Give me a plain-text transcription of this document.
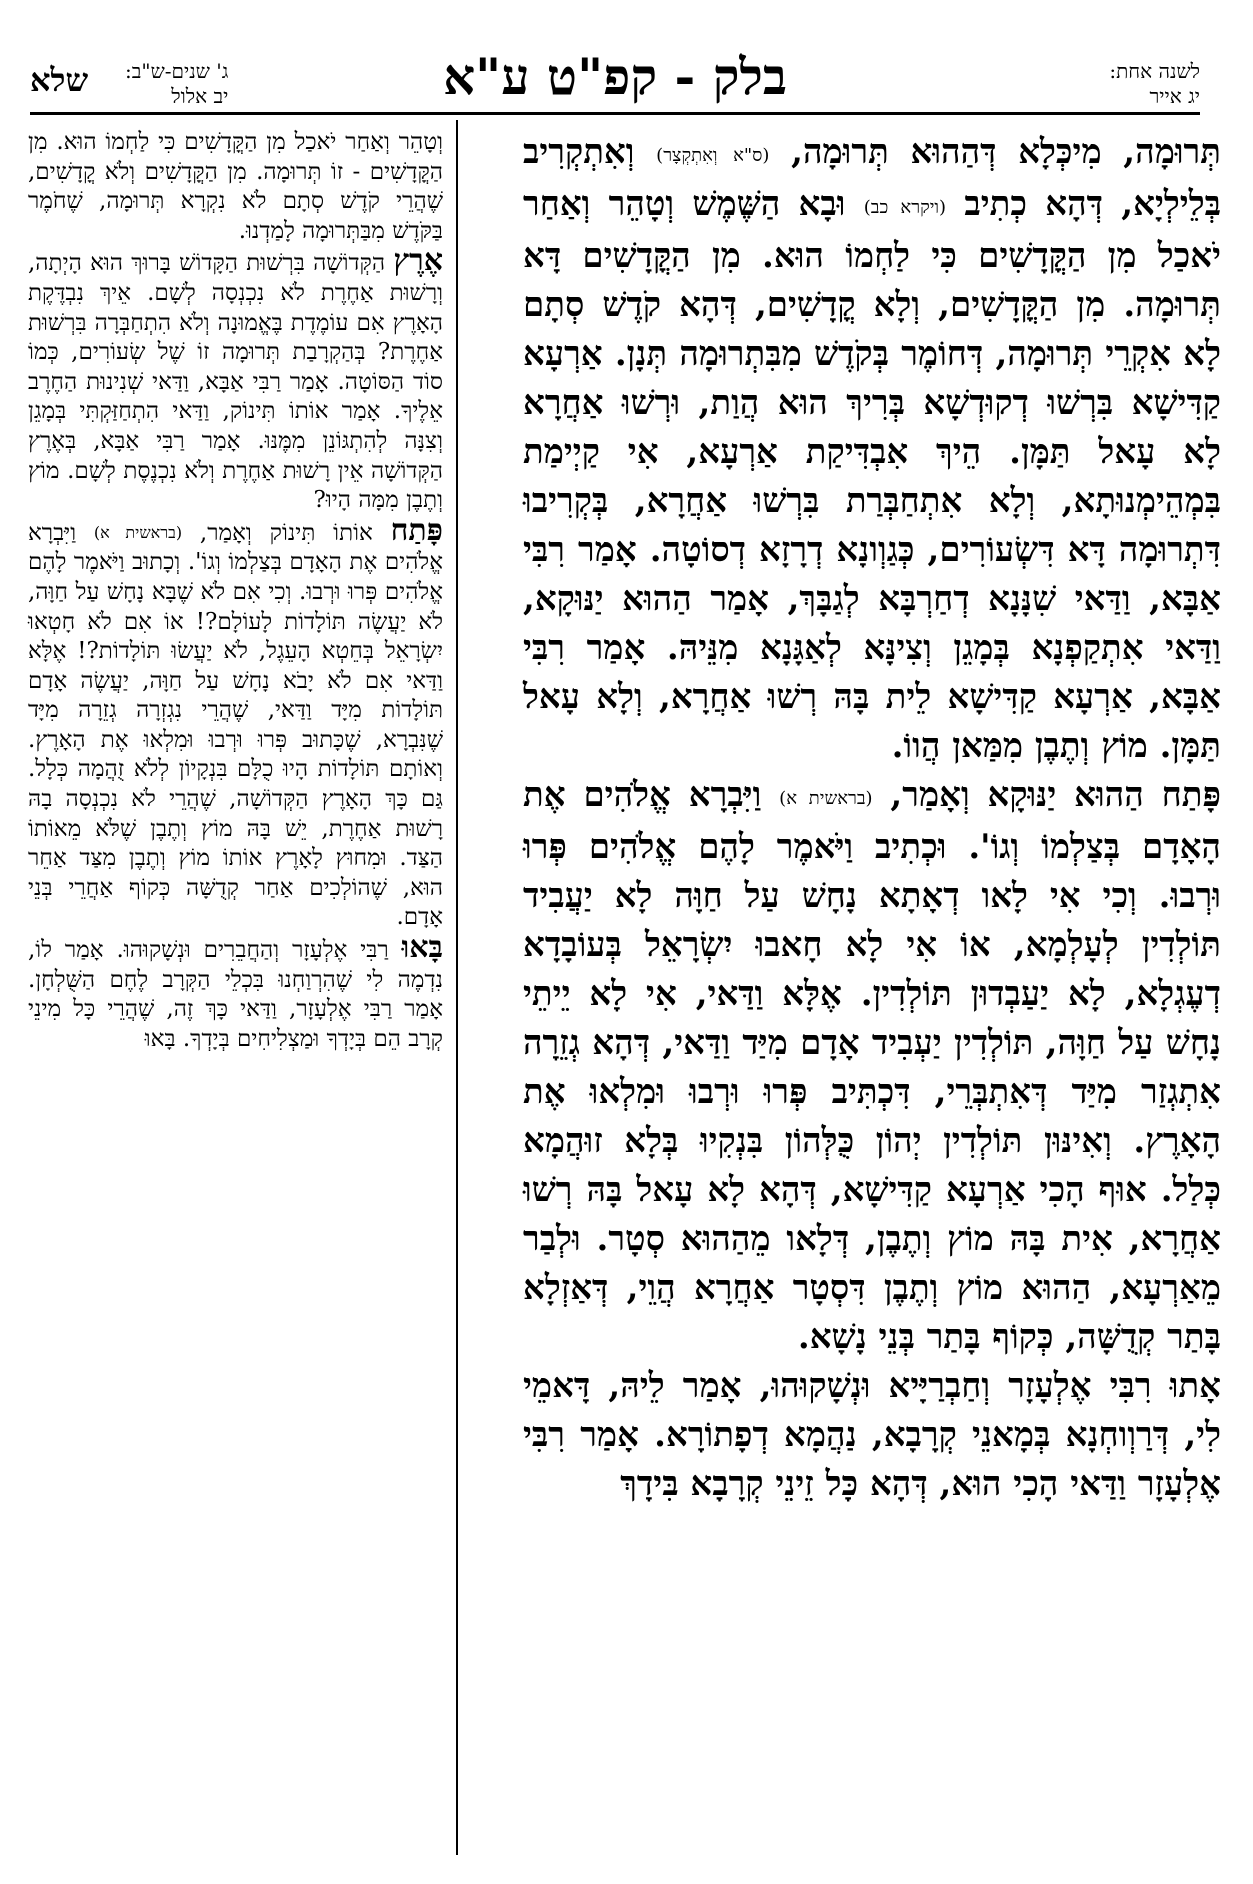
לשנה אחת:
יג אייר
בלק - קפ"ט ע"א
ג' שנים-ש"ב:
יב אלול
שלא

תְּרוּמָה, מִיכְּלָא דְּהַהוּא תְּרוּמָה, (ס"א וְאִתְקְצָר) וְאִתְקְרִיב בְּלֵילְיָא, דְּהָא כְתִיב (ויקרא כב) וּבָא הַשֶּׁמֶשׁ וְטָהֵר וְאַחַר יֹאכַל מִן הַקֳּדָשִׁים כִּי לַחְמוֹ הוּא. מִן הַקֳּדָשִׁים דָּא תְּרוּמָה. מִן הַקֳּדָשִׁים, וְלָא קֳדָשִׁים, דְּהָא קֹדֶשׁ סְתָם לָא אִקְרֵי תְּרוּמָה, דְּחוֹמֶר בְּקֹדֶשׁ מִבִּתְרוּמָה תְּנָן. אַרְעָא קַדִּישָׁא בִּרְשׁוּ דְקוּדְשָׁא בְּרִיךְ הוּא הֲוַת, וּרְשׁוּ אַחֲרָא לָא עָאל תַּמָּן. הֵיךְ אִבְדִּיקַת אַרְעָא, אִי קַיְימַת בִּמְהֵימְנוּתָא, וְלָא אִתְחַבְּרַת בִּרְשׁוּ אַחֲרָא, בְּקְרִיבוּ דִּתְרוּמָה דָּא דִּשְׂעוֹרִים, כְּגַוְונָא דְרָזָא דְסוֹטָה. אָמַר רִבִּי אַבָּא, וַדַּאי שִׁנָּנָא דְחַרְבָּא לְגַבָּךְ, אָמַר הַהוּא יַנּוּקָא, וַדַּאי אִתְקַפְנָא בְּמָגֵן וְצִינָּא לְאַגָּנָא מִנֵּיהּ. אָמַר רִבִּי אַבָּא, אַרְעָא קַדִּישָׁא לֵית בָּהּ רְשׁוּ אַחֲרָא, וְלָא עָאל תַּמָּן. מוֹץ וְתֶבֶן מִמַּאן הֲווֹ.

פָּתַח הַהוּא יַנּוּקָא וְאָמַר, (בראשית א) וַיִּבְרָא אֱלֹהִים אֶת הָאָדָם בְּצַלְמוֹ וְגוֹ'. וּכְתִיב וַיֹּאמֶר לָהֶם אֱלֹהִים פְּרוּ וּרְבוּ. וְכִי אִי לָאו דְאָתָא נָחָשׁ עַל חַוָּה לָא יַעֲבִיד תּוֹלְדִין לְעָלְמָא, אוֹ אִי לָא חָאבוּ יִשְׂרָאֵל בְּעוֹבָדָא דְעֶגְלָא, לָא יַעַבְדוּן תּוֹלְדִין. אֶלָּא וַדַּאי, אִי לָא יֵיתֵי נָחָשׁ עַל חַוָּה, תּוֹלְדִין יַעְבִיד אָדָם מִיַּד וַדַּאי, דְּהָא גְזֵרָה אִתְגְזַר מִיַּד דְּאִתְבְּרֵי, דִּכְתִּיב פְּרוּ וּרְבוּ וּמִלְאוּ אֶת הָאָרֶץ. וְאִינּוּן תּוֹלְדִין יְהוֹן כֻּלְּהוֹן בִּנְקִיוּ בְּלָא זוּהֲמָא כְּלַל. אוּף הָכִי אַרְעָא קַדִּישָׁא, דְּהָא לָא עָאל בָּהּ רְשׁוּ אַחֲרָא, אִית בָּהּ מוֹץ וְתֶבֶן, דְּלָאו מֵהַהוּא סְטָר. וּלְבַר מֵאַרְעָא, הַהוּא מוֹץ וְתֶבֶן דִּסְטָר אַחֲרָא הֲוֵי, דְּאַזְלָא בָּתַר קְדֻשָּׁה, כְּקוֹף בָּתַר בְּנֵי נָשָׁא.

אָתוּ רִבִּי אֶלְעָזָר וְחַבְרַיָּיא וּנְשָׁקוּהוּ, אָמַר לֵיהּ, דָּאמֵי לִי, דְּרַוְוחְנָא בְּמָאנֵי קְרָבָא, נַהֲמָא דְפָתוֹרָא. אָמַר רִבִּי אֶלְעָזָר וַדַּאי הָכִי הוּא, דְּהָא כָּל זֵינֵי קְרָבָא בִּידָךְ

וְטָהֵר וְאַחַר יֹאכַל מִן הַקֳּדָשִׁים כִּי לַחְמוֹ הוּא. מִן הַקֳּדָשִׁים - זוֹ תְּרוּמָה. מִן הַקֳּדָשִׁים וְלֹא קֳדָשִׁים, שֶׁהֲרֵי קֹדֶשׁ סְתָם לֹא נִקְרָא תְּרוּמָה, שֶׁחֹמֶר בַּקֹּדֶשׁ מִבַּתְּרוּמָה לָמַדְנוּ.

אֶרֶץ הַקְּדוֹשָׁה בִּרְשׁוּת הַקָּדוֹשׁ בָּרוּךְ הוּא הָיְתָה, וְרָשׁוּת אַחֶרֶת לֹא נִכְנְסָה לְשָׁם. אֵיךְ נִבְדֶּקֶת הָאָרֶץ אִם עוֹמֶדֶת בֶּאֱמוּנָה וְלֹא הִתְחַבְּרָה בִּרְשׁוּת אַחֶרֶת? בְּהַקְרָבַת תְּרוּמָה זוֹ שֶׁל שְׂעוֹרִים, כְּמוֹ סוֹד הַסּוֹטָה. אָמַר רַבִּי אַבָּא, וַדַּאי שְׁנִינוּת הַחֶרֶב אֵלֶיךָ. אָמַר אוֹתוֹ תִּינוֹק, וַדַּאי הִתְחַזַּקְתִּי בְּמָגֵן וְצִנָּה לְהִתְגּוֹנֵן מִמֶּנּוּ. אָמַר רַבִּי אַבָּא, בְּאֶרֶץ הַקְּדוֹשָׁה אֵין רָשׁוּת אַחֶרֶת וְלֹא נִכְנֶסֶת לְשָׁם. מוֹץ וְתֶבֶן מִמָּה הָיוּ?

פָּתַח אוֹתוֹ תִּינוֹק וְאָמַר, (בראשית א) וַיִּבְרָא אֱלֹהִים אֶת הָאָדָם בְּצַלְמוֹ וְגוֹ'. וְכָתוּב וַיֹּאמֶר לָהֶם אֱלֹהִים פְּרוּ וּרְבוּ. וְכִי אִם לֹא שֶׁבָּא נָחָשׁ עַל חַוָּה, לֹא יַעֲשֶׂה תּוֹלָדוֹת לָעוֹלָם?! אוֹ אִם לֹא חָטְאוּ יִשְׂרָאֵל בְּחֵטְא הָעֵגֶל, לֹא יַעֲשׂוּ תּוֹלָדוֹת?! אֶלָּא וַדַּאי אִם לֹא יָבֹא נָחָשׁ עַל חַוָּה, יַעֲשֶׂה אָדָם תּוֹלָדוֹת מִיָּד וַדַּאי, שֶׁהֲרֵי נִגְזְרָה גְזֵרָה מִיָּד שֶׁנִּבְרָא, שֶׁכָּתוּב פְּרוּ וּרְבוּ וּמִלְאוּ אֶת הָאָרֶץ. וְאוֹתָם תּוֹלָדוֹת הָיוּ כֻלָּם בִּנְקָיוֹן לְלֹא זֻהֲמָה כְּלָל. גַּם כָּךְ הָאָרֶץ הַקְּדוֹשָׁה, שֶׁהֲרֵי לֹא נִכְנְסָה בָהּ רָשׁוּת אַחֶרֶת, יֵשׁ בָּהּ מוֹץ וְתֶבֶן שֶׁלֹּא מֵאוֹתוֹ הַצַּד. וּמִחוּץ לָאָרֶץ אוֹתוֹ מוֹץ וְתֶבֶן מִצַּד אַחֵר הוּא, שֶׁהוֹלְכִים אַחַר קְדֻשָּׁה כְּקוֹף אַחֲרֵי בְּנֵי אָדָם.

בָּאוּ רַבִּי אֶלְעָזָר וְהַחֲבֵרִים וּנְשָׁקוּהוּ. אָמַר לוֹ, נִדְמֶה לִי שֶׁהִרְוַחְנוּ בִּכְלֵי הַקְּרָב לֶחֶם הַשֻּׁלְחָן. אָמַר רַבִּי אֶלְעָזָר, וַדַּאי כָּךְ זֶה, שֶׁהֲרֵי כָּל מִינֵי קְרָב הֵם בְּיָדְךָ וּמַצְלִיחִים בְּיָדְךָ. בָּאוּ
